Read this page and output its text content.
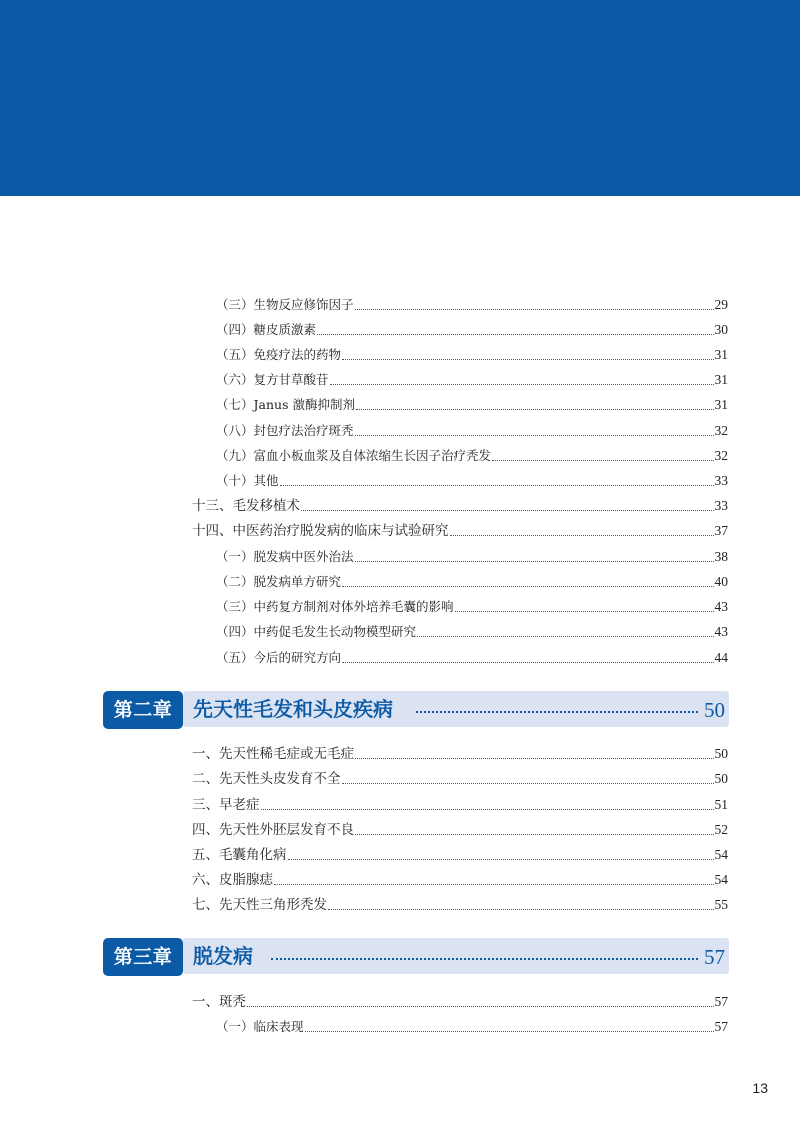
（三）生物反应修饰因子	29
（四）糖皮质激素	30
（五）免疫疗法的药物	31
（六）复方甘草酸苷	31
（七）Janus 激酶抑制剂	31
（八）封包疗法治疗斑秃	32
（九）富血小板血浆及自体浓缩生长因子治疗秃发	32
（十）其他	33
十三、毛发移植术	33
十四、中医药治疗脱发病的临床与试验研究	37
（一）脱发病中医外治法	38
（二）脱发病单方研究	40
（三）中药复方制剂对体外培养毛囊的影响	43
（四）中药促毛发生长动物模型研究	43
（五）今后的研究方向	44
第二章	先天性毛发和头皮疾病	50
一、先天性稀毛症或无毛症	50
二、先天性头皮发育不全	50
三、早老症	51
四、先天性外胚层发育不良	52
五、毛囊角化病	54
六、皮脂腺痣	54
七、先天性三角形秃发	55
第三章	脱发病	57
一、斑秃	57
（一）临床表现	57
13
